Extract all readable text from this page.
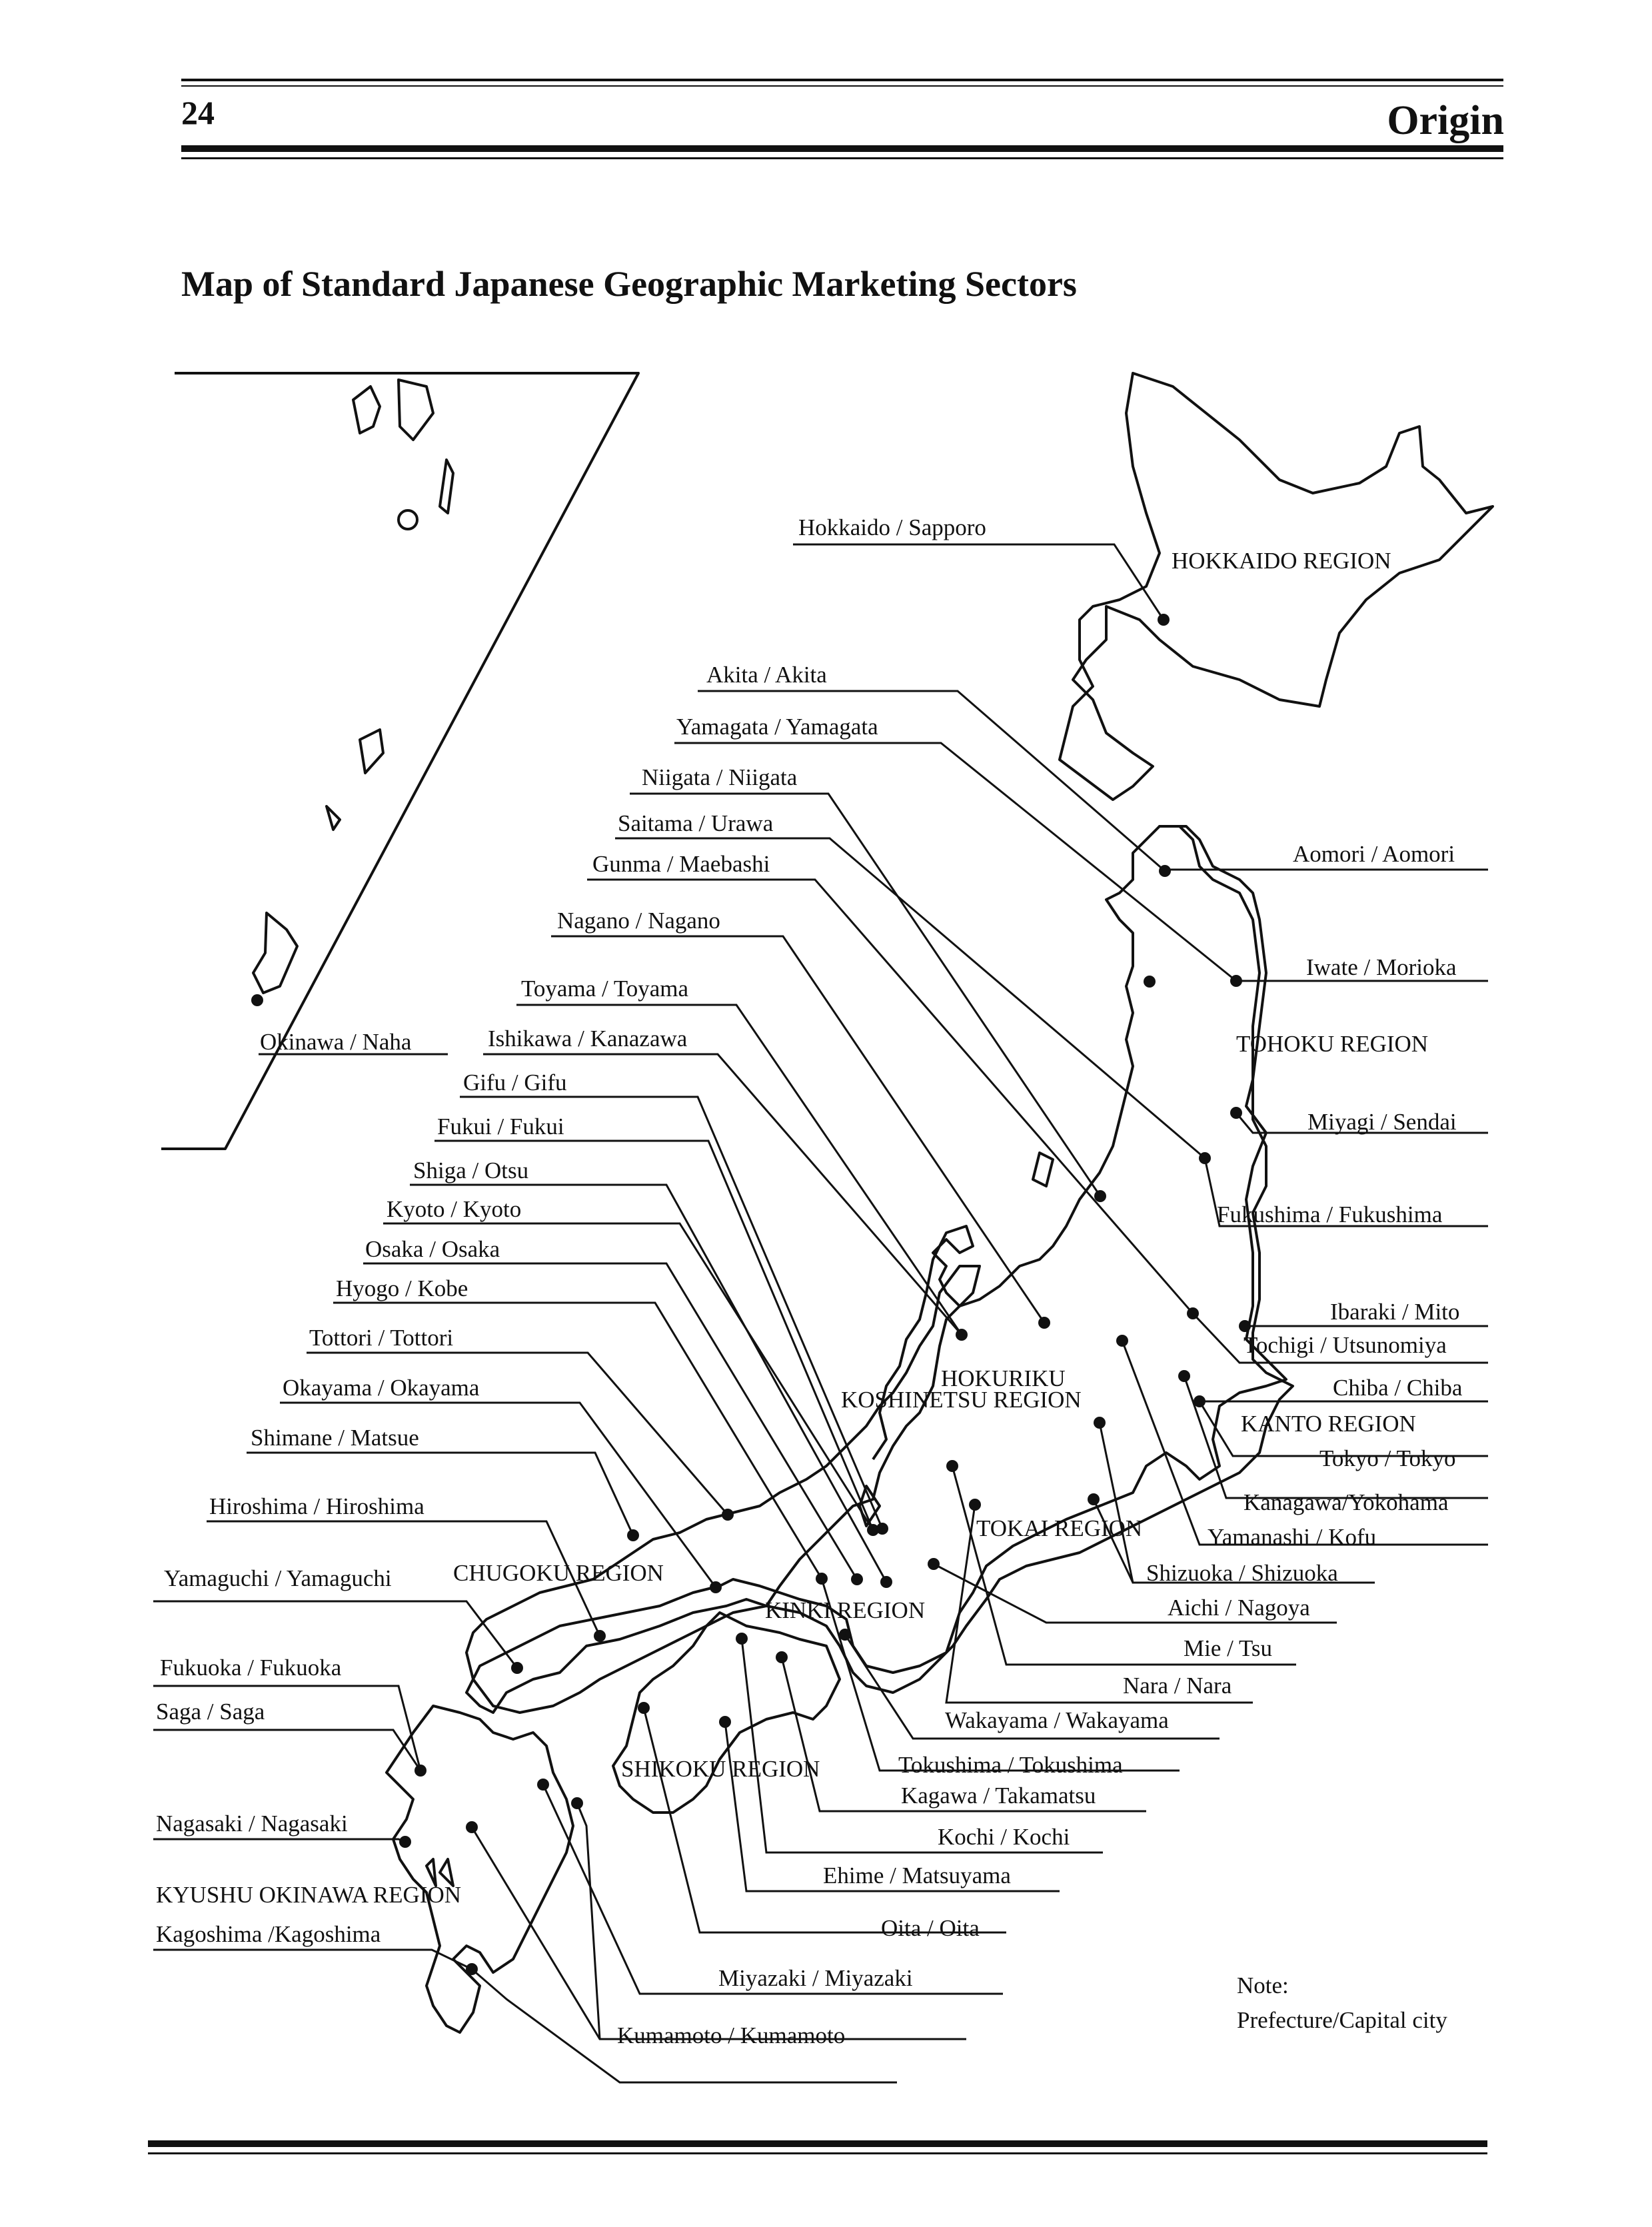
24	Origin
Map of Standard Japanese Geographic Marketing Sectors
Hokkaido / Sapporo
Akita / Akita
Yamagata / Yamagata
Niigata / Niigata
Saitama / Urawa
Gunma / Maebashi
Nagano / Nagano
Toyama / Toyama
Ishikawa / Kanazawa
Okinawa / Naha
Gifu / Gifu
Fukui / Fukui
Shiga / Otsu
Kyoto / Kyoto
Osaka / Osaka
Hyogo / Kobe
Tottori / Tottori
Okayama / Okayama
Shimane / Matsue
Hiroshima / Hiroshima
Yamaguchi / Yamaguchi
Fukuoka / Fukuoka
Saga / Saga
Nagasaki / Nagasaki
Kagoshima /Kagoshima
Aomori / Aomori
Iwate / Morioka
Miyagi / Sendai
Fukushima / Fukushima
Ibaraki / Mito
Tochigi / Utsunomiya
Chiba / Chiba
Tokyo / Tokyo
Kanagawa/Yokohama
Yamanashi / Kofu
Shizuoka / Shizuoka
Aichi / Nagoya
Mie / Tsu
Nara / Nara
Wakayama / Wakayama
Tokushima / Tokushima
Kagawa / Takamatsu
Kochi / Kochi
Ehime / Matsuyama
Oita / Oita
Miyazaki / Miyazaki
Kumamoto / Kumamoto
HOKKAIDO REGION
TOHOKU REGION
HOKURIKU
KOSHINETSU REGION
KANTO REGION
TOKAI REGION
CHUGOKU REGION
KINKI REGION
SHIKOKU REGION
KYUSHU OKINAWA REGION
Note:
Prefecture/Capital city
